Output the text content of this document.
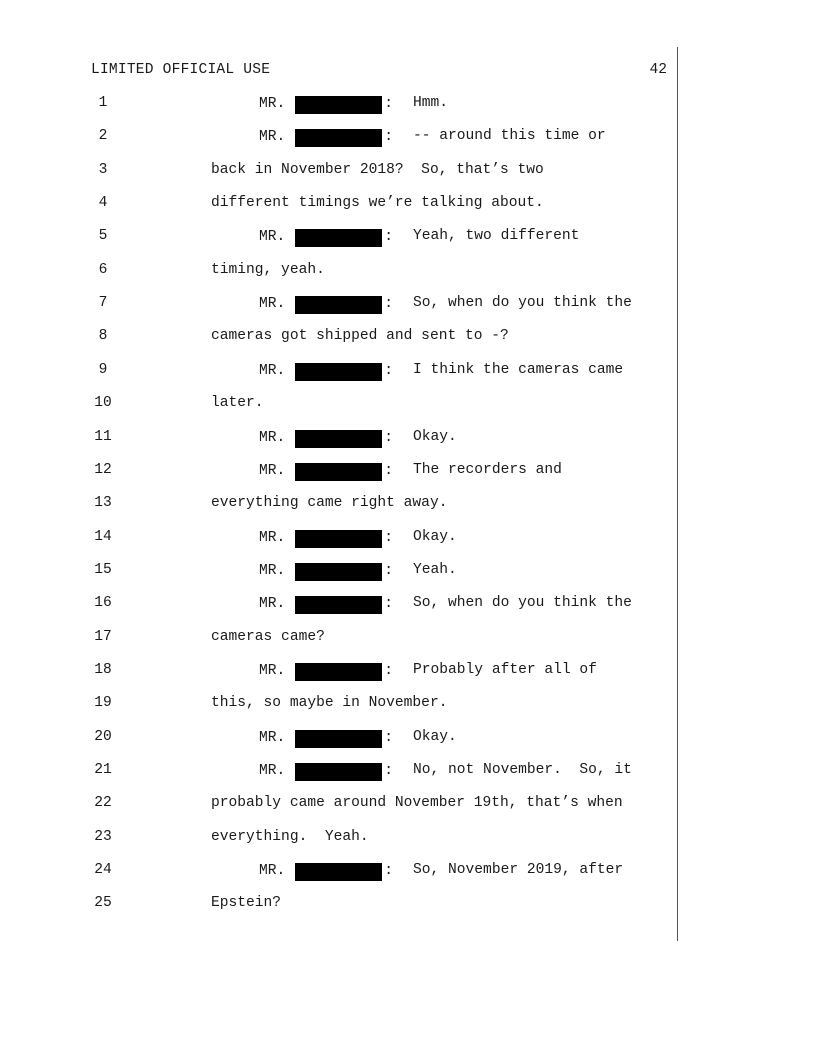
LIMITED OFFICIAL USE	42
1	MR.	: Hmm.
2	MR.	: -- around this time or
3	back in November 2018?  So, that’s two
4	different timings we’re talking about.
5	MR.	: Yeah, two different
6	timing, yeah.
7	MR.	: So, when do you think the
8	cameras got shipped and sent to -?
9	MR.	: I think the cameras came
10	later.
11	MR.	: Okay.
12	MR.	: The recorders and
13	everything came right away.
14	MR.	: Okay.
15	MR.	: Yeah.
16	MR.	: So, when do you think the
17	cameras came?
18	MR.	: Probably after all of
19	this, so maybe in November.
20	MR.	: Okay.
21	MR.	: No, not November.  So, it
22	probably came around November 19th, that’s when
23	everything.  Yeah.
24	MR.	: So, November 2019, after
25	Epstein?
